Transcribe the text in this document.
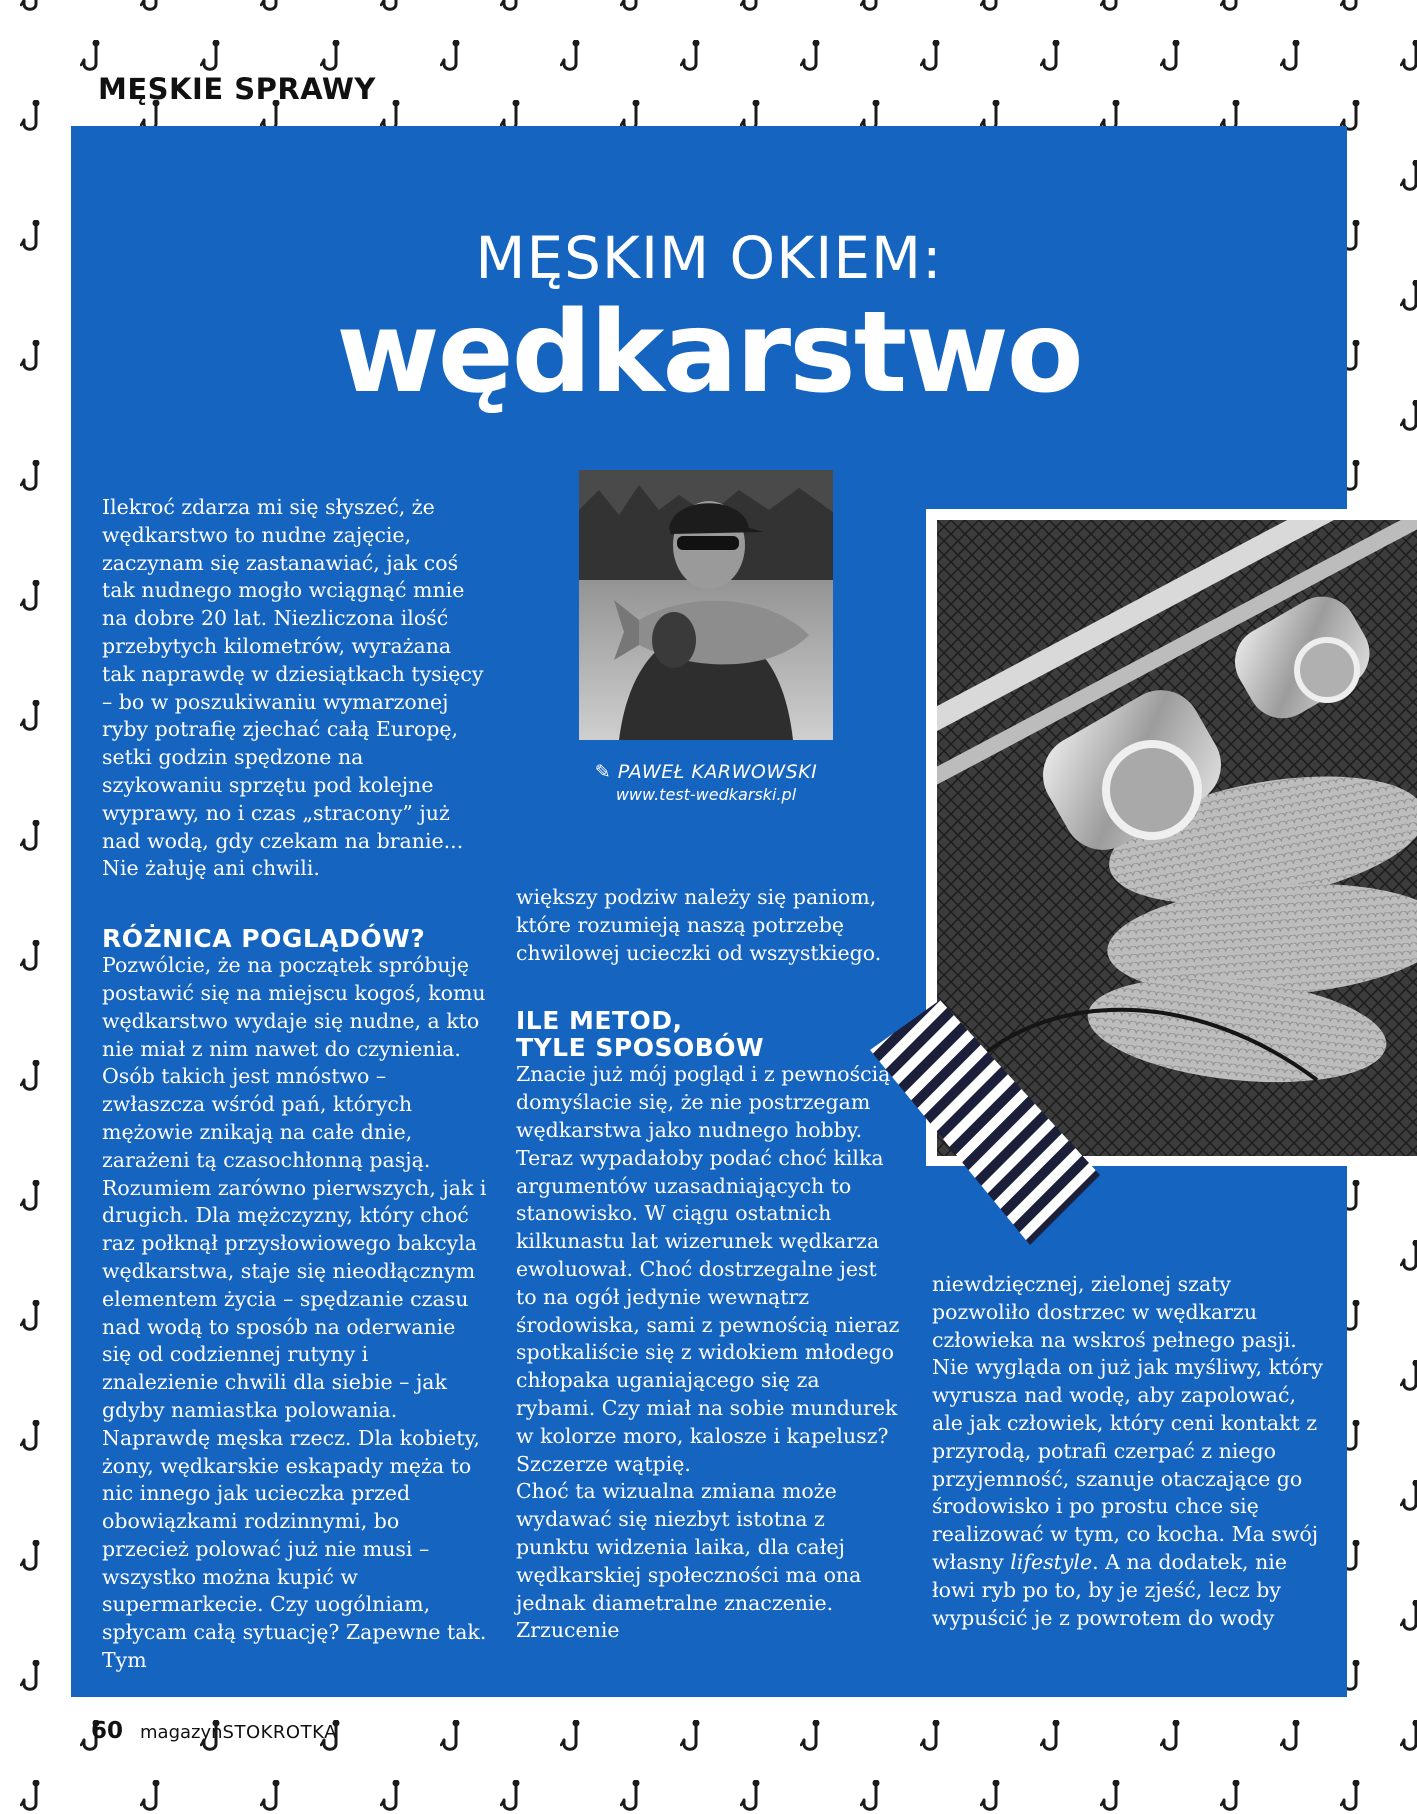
MĘSKIE SPRAWY
MĘSKIM OKIEM:
wędkarstwo

Ilekroć zdarza mi się słyszeć, że wędkarstwo to nudne zajęcie, zaczynam się zastanawiać, jak coś tak nudnego mogło wciągnąć mnie na dobre 20 lat. Niezliczona ilość przebytych kilometrów, wyrażana tak naprawdę w dziesiątkach tysięcy – bo w poszukiwaniu wymarzonej ryby potrafię zjechać całą Europę, setki godzin spędzone na szykowaniu sprzętu pod kolejne wyprawy, no i czas „stracony” już nad wodą, gdy czekam na branie... Nie żałuję ani chwili.

RÓŻNICA POGLĄDÓW?

Pozwólcie, że na początek spróbuję postawić się na miejscu kogoś, komu wędkarstwo wydaje się nudne, a kto nie miał z nim nawet do czynienia. Osób takich jest mnóstwo – zwłaszcza wśród pań, których mężowie znikają na całe dnie, zarażeni tą czasochłonną pasją. Rozumiem zarówno pierwszych, jak i drugich. Dla mężczyzny, który choć raz połknął przysłowiowego bakcyla wędkarstwa, staje się nieodłącznym elementem życia – spędzanie czasu nad wodą to sposób na oderwanie się od codziennej rutyny i znalezienie chwili dla siebie – jak gdyby namiastka polowania. Naprawdę męska rzecz. Dla kobiety, żony, wędkarskie eskapady męża to nic innego jak ucieczka przed obowiązkami rodzinnymi, bo przecież polować już nie musi – wszystko można kupić w supermarkecie. Czy uogólniam, spłycam całą sytuację? Zapewne tak. Tym

✎ PAWEŁ KARWOWSKI
www.test-wedkarski.pl

większy podziw należy się paniom, które rozumieją naszą potrzebę chwilowej ucieczki od wszystkiego.

ILE METOD,
TYLE SPOSOBÓW

Znacie już mój pogląd i z pewnością domyślacie się, że nie postrzegam wędkarstwa jako nudnego hobby. Teraz wypadałoby podać choć kilka argumentów uzasadniających to stanowisko. W ciągu ostatnich kilkunastu lat wizerunek wędkarza ewoluował. Choć dostrzegalne jest to na ogół jedynie wewnątrz środowiska, sami z pewnością nieraz spotkaliście się z widokiem młodego chłopaka uganiającego się za rybami. Czy miał na sobie mundurek w kolorze moro, kalosze i kapelusz? Szczerze wątpię.

Choć ta wizualna zmiana może wydawać się niezbyt istotna z punktu widzenia laika, dla całej wędkarskiej społeczności ma ona jednak diametralne znaczenie. Zrzucenie

niewdzięcznej, zielonej szaty pozwoliło dostrzec w wędkarzu człowieka na wskroś pełnego pasji. Nie wygląda on już jak myśliwy, który wyrusza nad wodę, aby zapolować, ale jak człowiek, który ceni kontakt z przyrodą, potrafi czerpać z niego przyjemność, szanuje otaczające go środowisko i po prostu chce się realizować w tym, co kocha. Ma swój własny lifestyle. A na dodatek, nie łowi ryb po to, by je zjeść, lecz by wypuścić je z powrotem do wody

60 magazynSTOKROTKA
